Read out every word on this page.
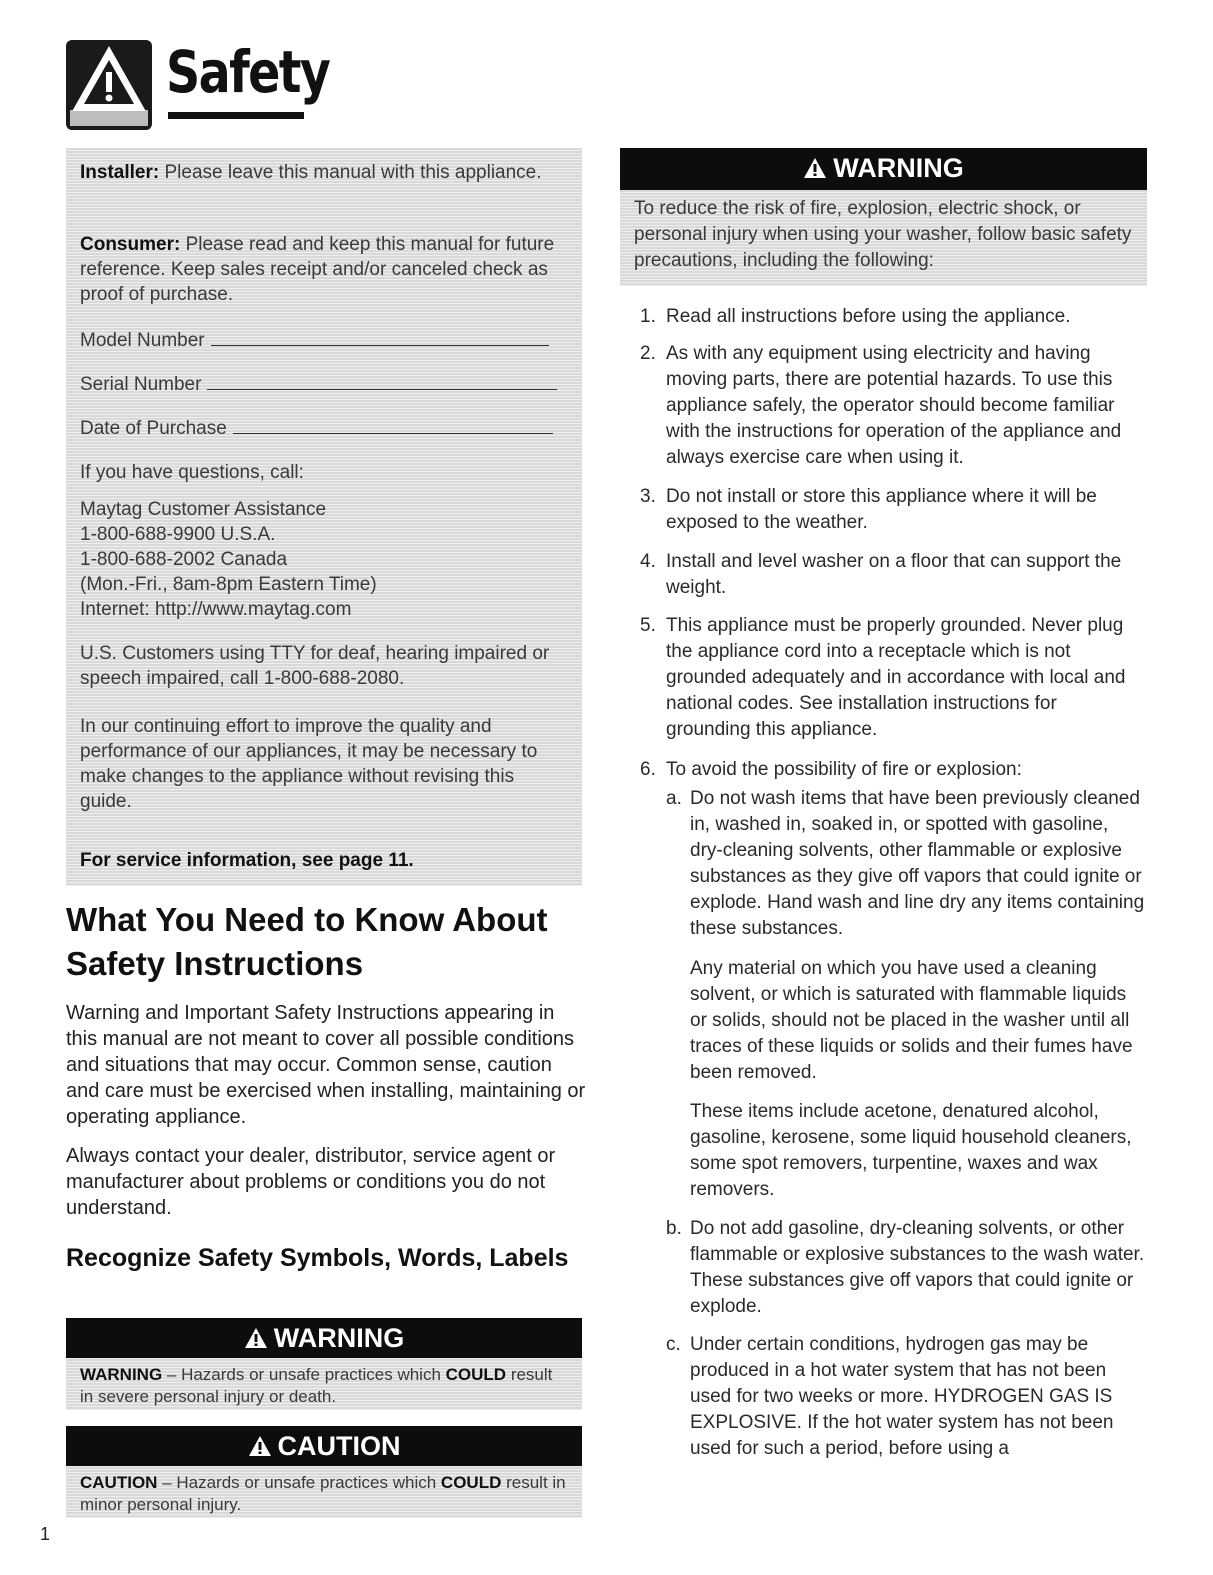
Safety
Installer: Please leave this manual with this appliance.
Consumer: Please read and keep this manual for future reference. Keep sales receipt and/or canceled check as proof of purchase.
Model Number
Serial Number
Date of Purchase
If you have questions, call:
Maytag Customer Assistance
1-800-688-9900 U.S.A.
1-800-688-2002 Canada
(Mon.-Fri., 8am-8pm Eastern Time)
Internet: http://www.maytag.com
U.S. Customers using TTY for deaf, hearing impaired or speech impaired, call 1-800-688-2080.
In our continuing effort to improve the quality and performance of our appliances, it may be necessary to make changes to the appliance without revising this guide.
For service information, see page 11.
What You Need to Know About Safety Instructions
Warning and Important Safety Instructions appearing in this manual are not meant to cover all possible conditions and situations that may occur. Common sense, caution and care must be exercised when installing, maintaining or operating appliance.
Always contact your dealer, distributor, service agent or manufacturer about problems or conditions you do not understand.
Recognize Safety Symbols, Words, Labels
WARNING
WARNING – Hazards or unsafe practices which COULD result in severe personal injury or death.
CAUTION
CAUTION – Hazards or unsafe practices which COULD result in minor personal injury.
WARNING
To reduce the risk of fire, explosion, electric shock, or personal injury when using your washer, follow basic safety precautions, including the following:
1. Read all instructions before using the appliance.
2. As with any equipment using electricity and having moving parts, there are potential hazards. To use this appliance safely, the operator should become familiar with the instructions for operation of the appliance and always exercise care when using it.
3. Do not install or store this appliance where it will be exposed to the weather.
4. Install and level washer on a floor that can support the weight.
5. This appliance must be properly grounded. Never plug the appliance cord into a receptacle which is not grounded adequately and in accordance with local and national codes. See installation instructions for grounding this appliance.
6. To avoid the possibility of fire or explosion:
a. Do not wash items that have been previously cleaned in, washed in, soaked in, or spotted with gasoline, dry-cleaning solvents, other flammable or explosive substances as they give off vapors that could ignite or explode. Hand wash and line dry any items containing these substances.
Any material on which you have used a cleaning solvent, or which is saturated with flammable liquids or solids, should not be placed in the washer until all traces of these liquids or solids and their fumes have been removed.
These items include acetone, denatured alcohol, gasoline, kerosene, some liquid household cleaners, some spot removers, turpentine, waxes and wax removers.
b. Do not add gasoline, dry-cleaning solvents, or other flammable or explosive substances to the wash water. These substances give off vapors that could ignite or explode.
c. Under certain conditions, hydrogen gas may be produced in a hot water system that has not been used for two weeks or more. HYDROGEN GAS IS EXPLOSIVE. If the hot water system has not been used for such a period, before using a
1
